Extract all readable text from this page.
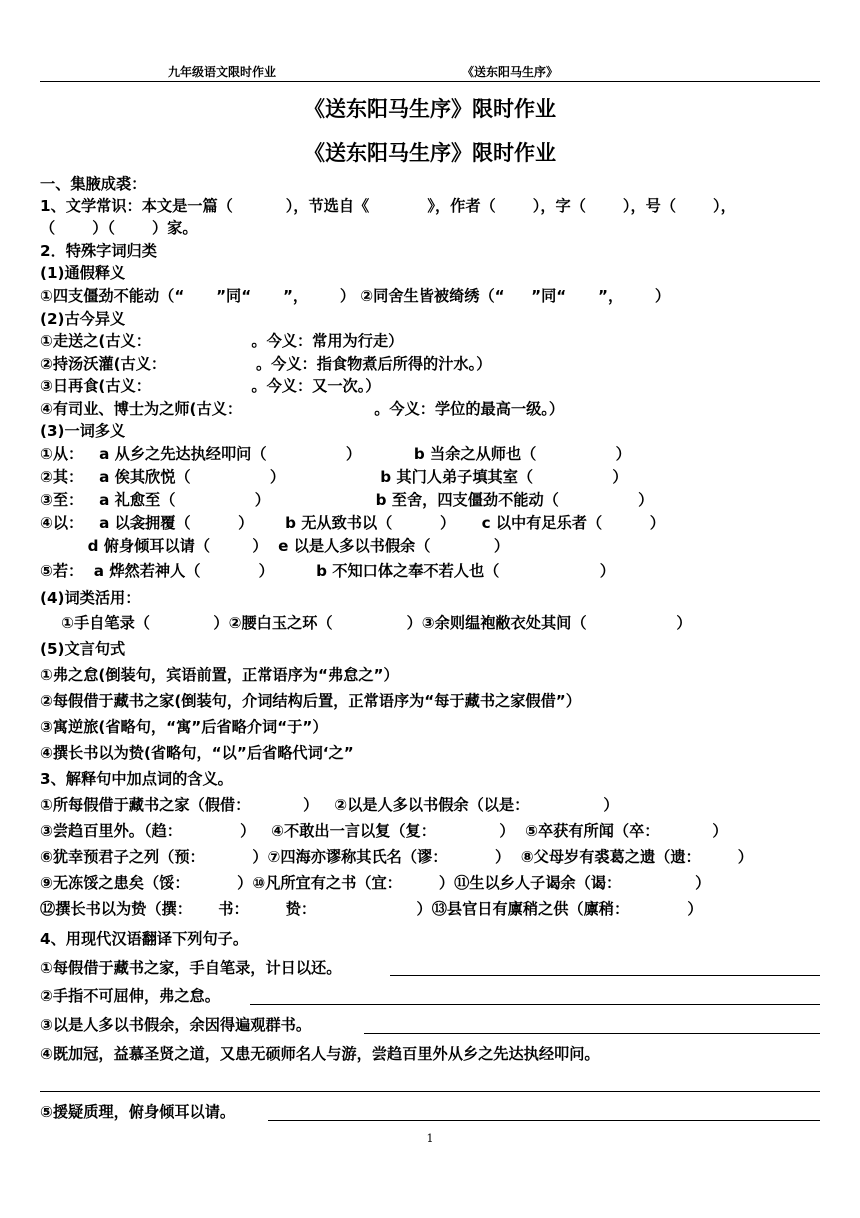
九年级语文限时作业	《送东阳马生序》
《送东阳马生序》限时作业
《送东阳马生序》限时作业
一、集腋成裘：
1、文学常识：本文是一篇（          ），节选自《           》，作者（       ），字（       ），号（       ），
（       ）（       ）家。
2．特殊字词归类
(1)通假释义
①四支僵劲不能动（“      ”同“      ”，      ） ②同舍生皆被绮绣（“     ”同“      ”，      ）
(2)古今异义
①走送之(古义：                   。今义：常用为行走）
②持汤沃灌(古义：                 。今义：指食物煮后所得的汁水。）
③日再食(古义：                   。今义：又一次。）
④有司业、博士为之师(古义：                         。今义：学位的最高一级。）
(3)一词多义
①从：   a 从乡之先达执经叩问（               ）          b 当余之从师也（               ）
②其：   a 俟其欣悦（               ）                  b 其门人弟子填其室（               ）
③至：   a 礼愈至（               ）                    b 至舍，四支僵劲不能动（               ）
④以：   a 以衾拥覆（         ）      b 无从致书以（         ）     c 以中有足乐者（         ）
d 俯身倾耳以请（        ）  e 以是人多以书假余（            ）
⑤若：  a 烨然若神人（           ）        b 不知口体之奉不若人也（                   ）
(4)词类活用：
①手自笔录（            ）②腰白玉之环（              ）③余则缊袍敝衣处其间（                 ）
(5)文言句式
①弗之怠(倒装句，宾语前置，正常语序为“弗怠之”）
②每假借于藏书之家(倒装句，介词结构后置，正常语序为“每于藏书之家假借”）
③寓逆旅(省略句，“寓”后省略介词“于”）
④撰长书以为贽(省略句，“以”后省略代词‘之”
3、解释句中加点词的含义。
①所每假借于藏书之家（假借：          ）   ②以是人多以书假余（以是：              ）
③尝趋百里外。（趋：           ）   ④不敢出一言以复（复：            ）  ⑤卒获有所闻（卒：          ）
⑥犹幸预君子之列（预：         ）⑦四海亦谬称其氏名（谬：         ）  ⑧父母岁有裘葛之遗（遗：       ）
⑨无冻馁之患矣（馁：         ）⑩凡所宜有之书（宜：       ）⑪生以乡人子谒余（谒：              ）
⑫撰长书以为贽（撰：     书：       贽：                   ）⑬县官日有廪稍之供（廪稍：           ）
4、用现代汉语翻译下列句子。
①每假借于藏书之家，手自笔录，计日以还。
②手指不可屈伸，弗之怠。
③以是人多以书假余，余因得遍观群书。
④既加冠，益慕圣贤之道，又患无硕师名人与游，尝趋百里外从乡之先达执经叩问。
⑤援疑质理，俯身倾耳以请。
1
